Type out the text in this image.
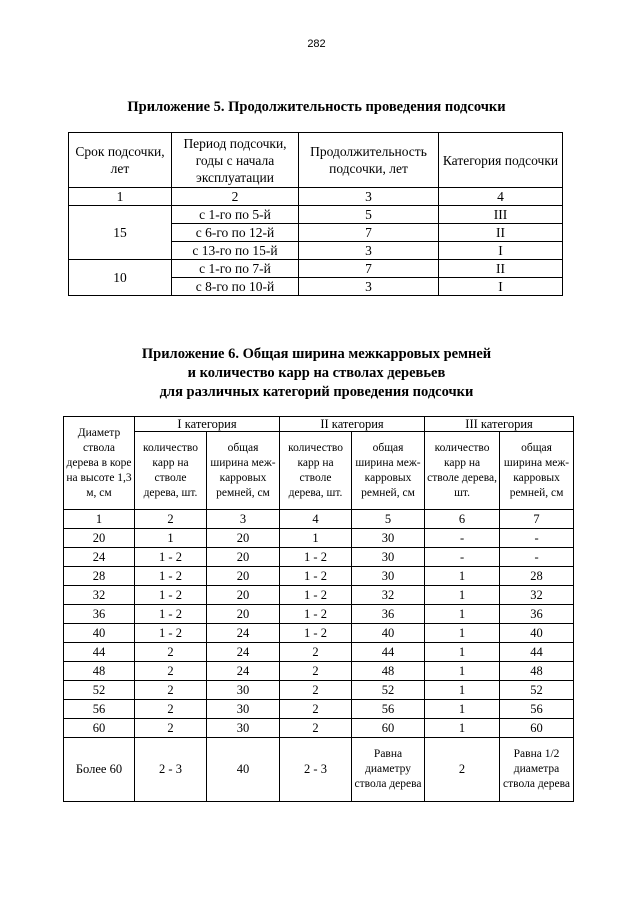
282
Приложение 5. Продолжительность проведения подсочки
Срок подсочки, лет	Период подсочки, годы с начала эксплуатации	Продолжительность подсочки, лет	Категория подсочки
1	2	3	4
15	с 1-го по 5-й	5	III
	с 6-го по 12-й	7	II
	с 13-го по 15-й	3	I
10	с 1-го по 7-й	7	II
	с 8-го по 10-й	3	I
Приложение 6. Общая ширина межкарровых ремней
и количество карр на стволах деревьев
для различных категорий проведения подсочки
Диаметр ствола дерева в коре на высоте 1,3 м, см	I категория		II категория		III категория	
	количество карр на стволе дерева, шт.	общая ширина меж-карровых ремней, см	количество карр на стволе дерева, шт.	общая ширина меж-карровых ремней, см	количество карр на стволе дерева, шт.	общая ширина меж-карровых ремней, см
1	2	3	4	5	6	7
20	1	20	1	30	-	-
24	1 - 2	20	1 - 2	30	-	-
28	1 - 2	20	1 - 2	30	1	28
32	1 - 2	20	1 - 2	32	1	32
36	1 - 2	20	1 - 2	36	1	36
40	1 - 2	24	1 - 2	40	1	40
44	2	24	2	44	1	44
48	2	24	2	48	1	48
52	2	30	2	52	1	52
56	2	30	2	56	1	56
60	2	30	2	60	1	60
Более 60	2 - 3	40	2 - 3	Равна диаметру ствола дерева	2	Равна 1/2 диаметра ствола дерева
